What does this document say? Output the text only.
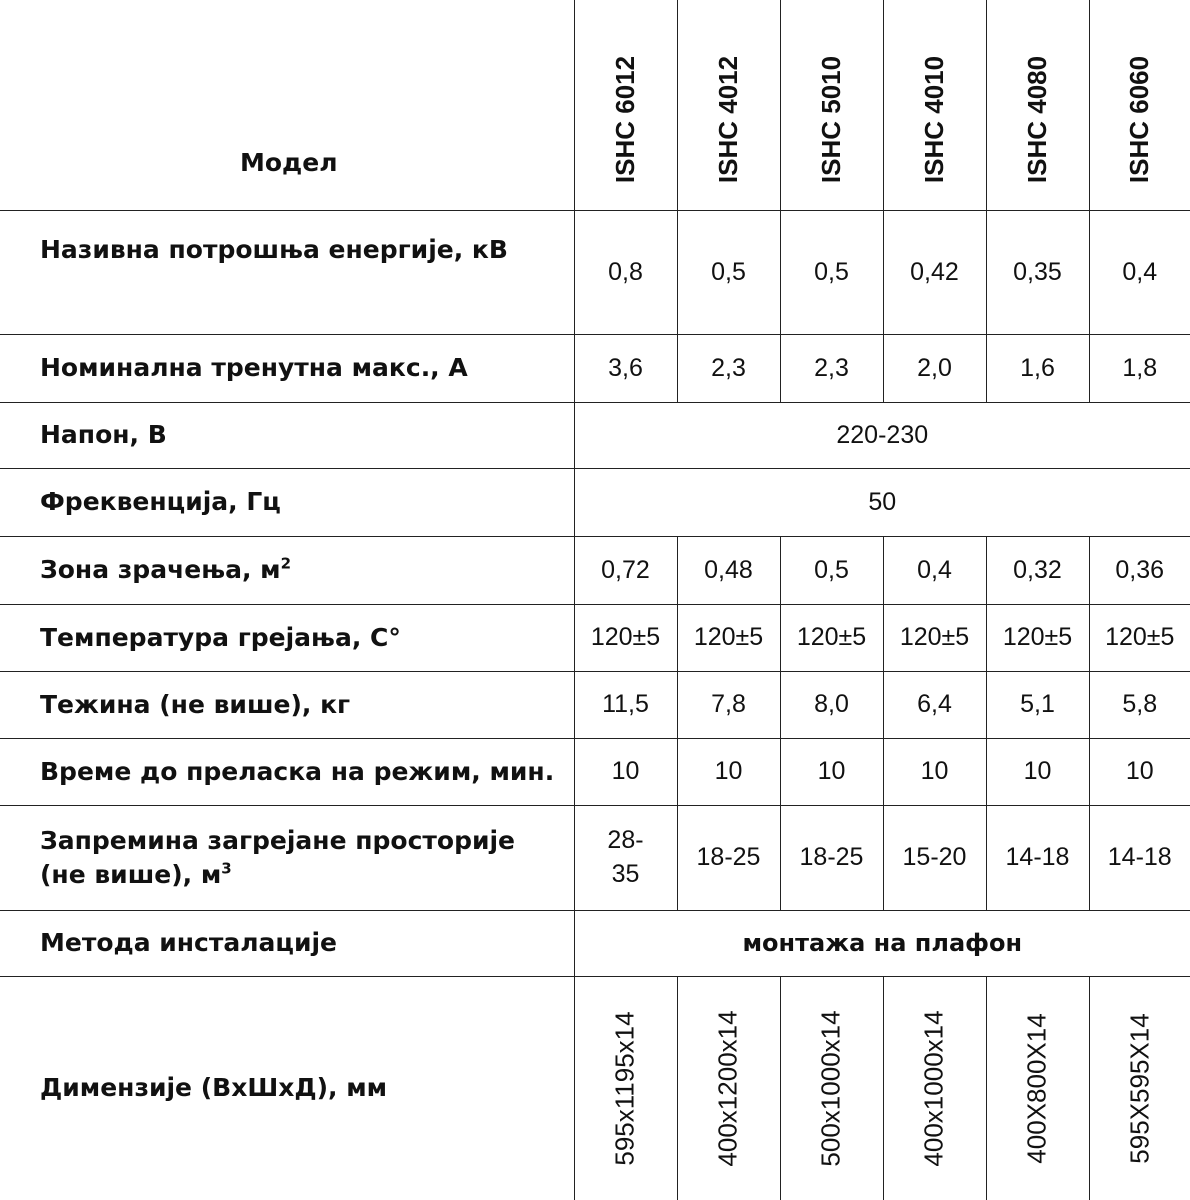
Модел	ISHC 6012	ISHC 4012	ISHC 5010	ISHC 4010	ISHC 4080	ISHC 6060

Називна потрошња енергије, кВ	0,8	0,5	0,5	0,42	0,35	0,4
Номинална тренутна макс., А	3,6	2,3	2,3	2,0	1,6	1,8
Напон, В	220-230					
Фреквенција, Гц	50					
Зона зрачења, $м^2$	0,72	0,48	0,5	0,4	0,32	0,36
Температура грејања, С°	120±5	120±5	120±5	120±5	120±5	120±5
Тежина (не више), кг	11,5	7,8	8,0	6,4	5,1	5,8
Време до преласка на режим, мин.	10	10	10	10	10	10
Запремина загрејане просторије
(не више), $м^3$	28-35	18-25	18-25	15-20	14-18	14-18
Метода инсталације	монтажа на плафон					
Димензије (ВхШхД), мм	595х1195х14	400х1200х14	500х1000х14	400х1000х14	400Х800Х14	595Х595Х14
